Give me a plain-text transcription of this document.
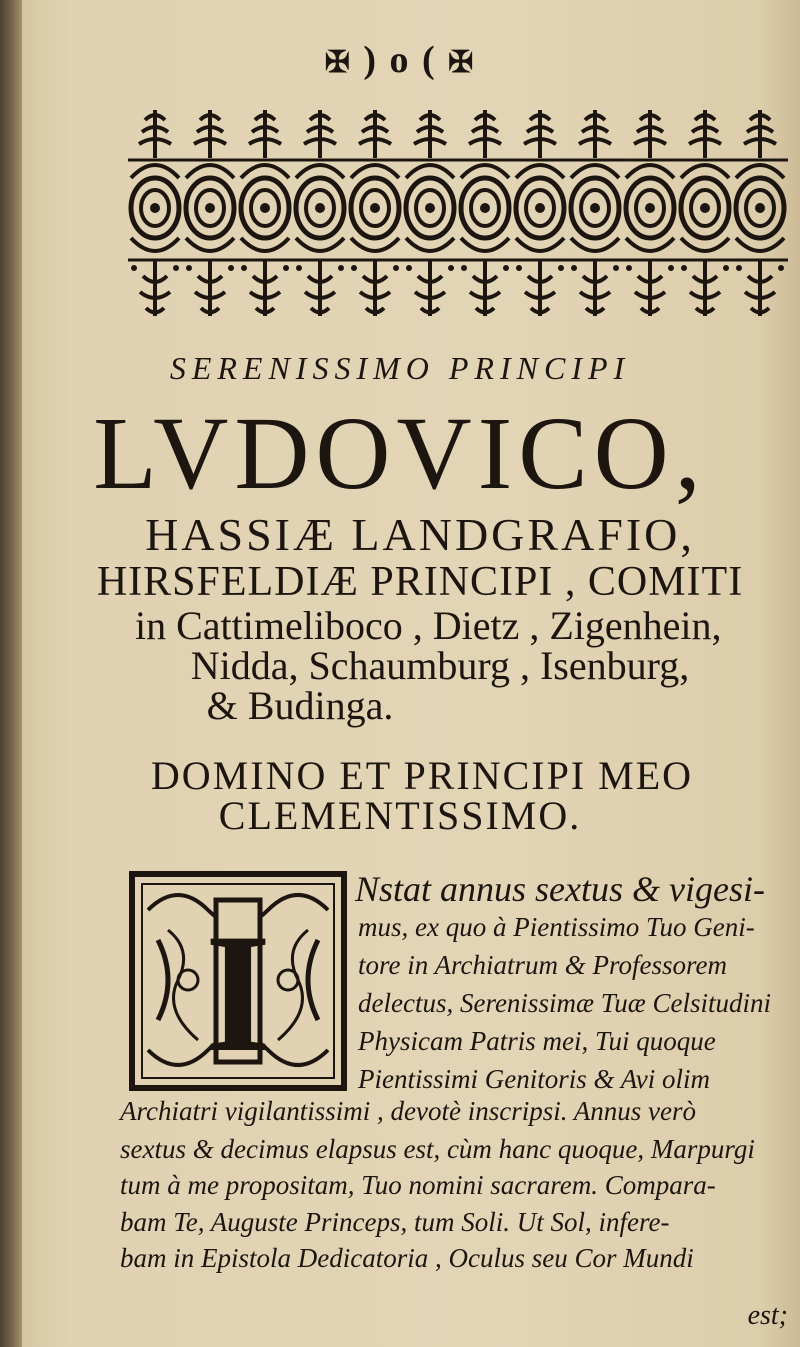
✠ ) o ( ✠
SERENISSIMO PRINCIPI
LVDOVICO,
HASSIÆ LANDGRAFIO,
HIRSFELDIÆ PRINCIPI , COMITI
in Cattimeliboco , Dietz , Zigenhein,
Nidda, Schaumburg , Isenburg,
& Budinga.
DOMINO ET PRINCIPI MEO
CLEMENTISSIMO.
I
Nstat annus sextus & vigesi-
mus, ex quo à Pientissimo Tuo Geni-
tore in Archiatrum & Professorem
delectus, Serenissimæ Tuæ Celsitudini
Physicam Patris mei, Tui quoque
Pientissimi Genitoris & Avi olim
Archiatri vigilantissimi , devotè inscripsi. Annus verò
sextus & decimus elapsus est, cùm hanc quoque, Marpurgi
tum à me propositam, Tuo nomini sacrarem. Compara-
bam Te, Auguste Princeps, tum Soli. Ut Sol, infere-
bam in Epistola Dedicatoria , Oculus seu Cor Mundi
est;
